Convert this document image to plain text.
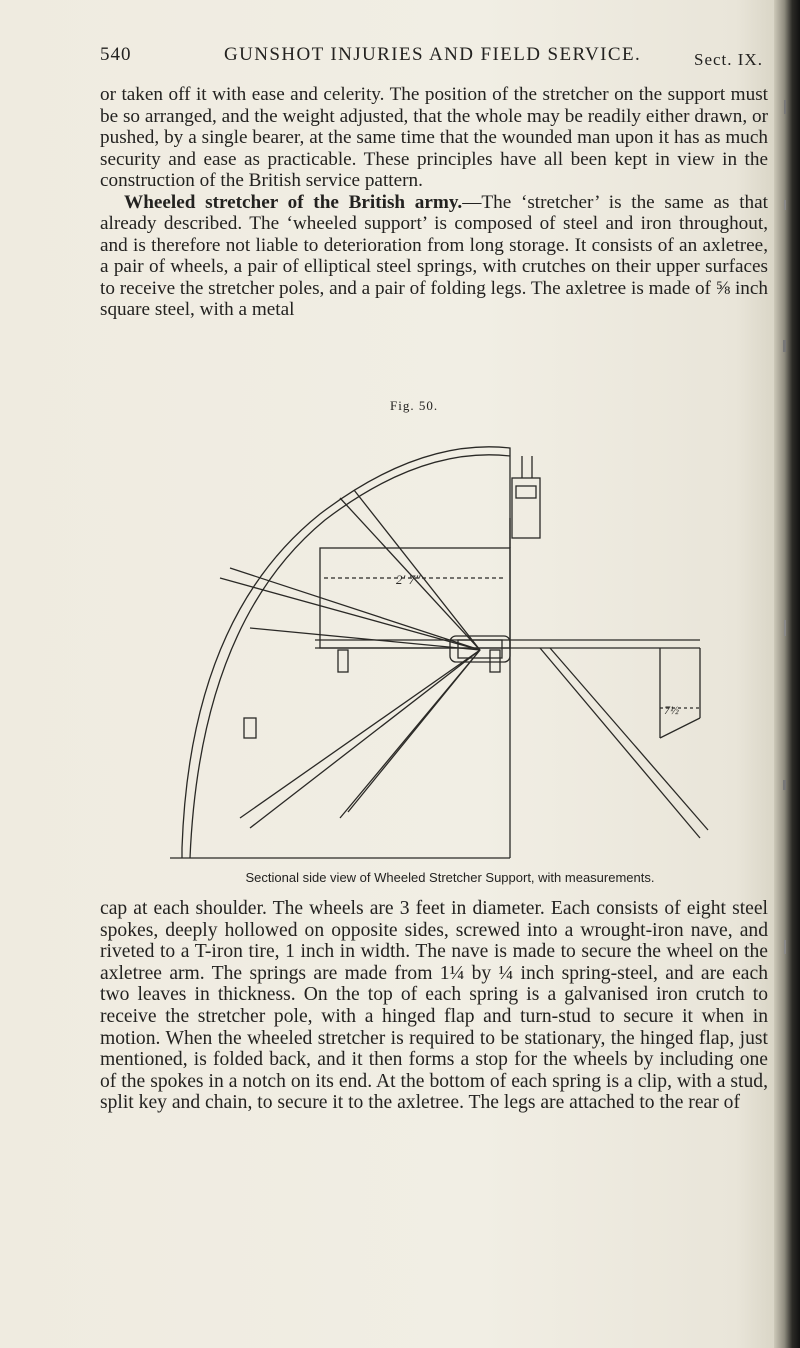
540	GUNSHOT INJURIES AND FIELD SERVICE.	Sect. IX.

or taken off it with ease and celerity. The position of the stretcher on the support must be so arranged, and the weight adjusted, that the whole may be readily either drawn, or pushed, by a single bearer, at the same time that the wounded man upon it has as much security and ease as practicable. These principles have all been kept in view in the construction of the British service pattern.
Wheeled stretcher of the British army.—The ‘stretcher’ is the same as that already described. The ‘wheeled support’ is composed of steel and iron throughout, and is therefore not liable to deterioration from long storage. It consists of an axletree, a pair of wheels, a pair of elliptical steel springs, with crutches on their upper surfaces to receive the stretcher poles, and a pair of folding legs. The axletree is made of ⅝ inch square steel, with a metal

Fig. 50.
2′ 7″
7½
Sectional side view of Wheeled Stretcher Support, with measurements.

cap at each shoulder. The wheels are 3 feet in diameter. Each consists of eight steel spokes, deeply hollowed on opposite sides, screwed into a wrought-iron nave, and riveted to a T-iron tire, 1 inch in width. The nave is made to secure the wheel on the axletree arm. The springs are made from 1¼ by ¼ inch spring-steel, and are each two leaves in thickness. On the top of each spring is a galvanised iron crutch to receive the stretcher pole, with a hinged flap and turn-stud to secure it when in motion. When the wheeled stretcher is required to be stationary, the hinged flap, just mentioned, is folded back, and it then forms a stop for the wheels by including one of the spokes in a notch on its end. At the bottom of each spring is a clip, with a stud, split key and chain, to secure it to the axletree. The legs are attached to the rear of
